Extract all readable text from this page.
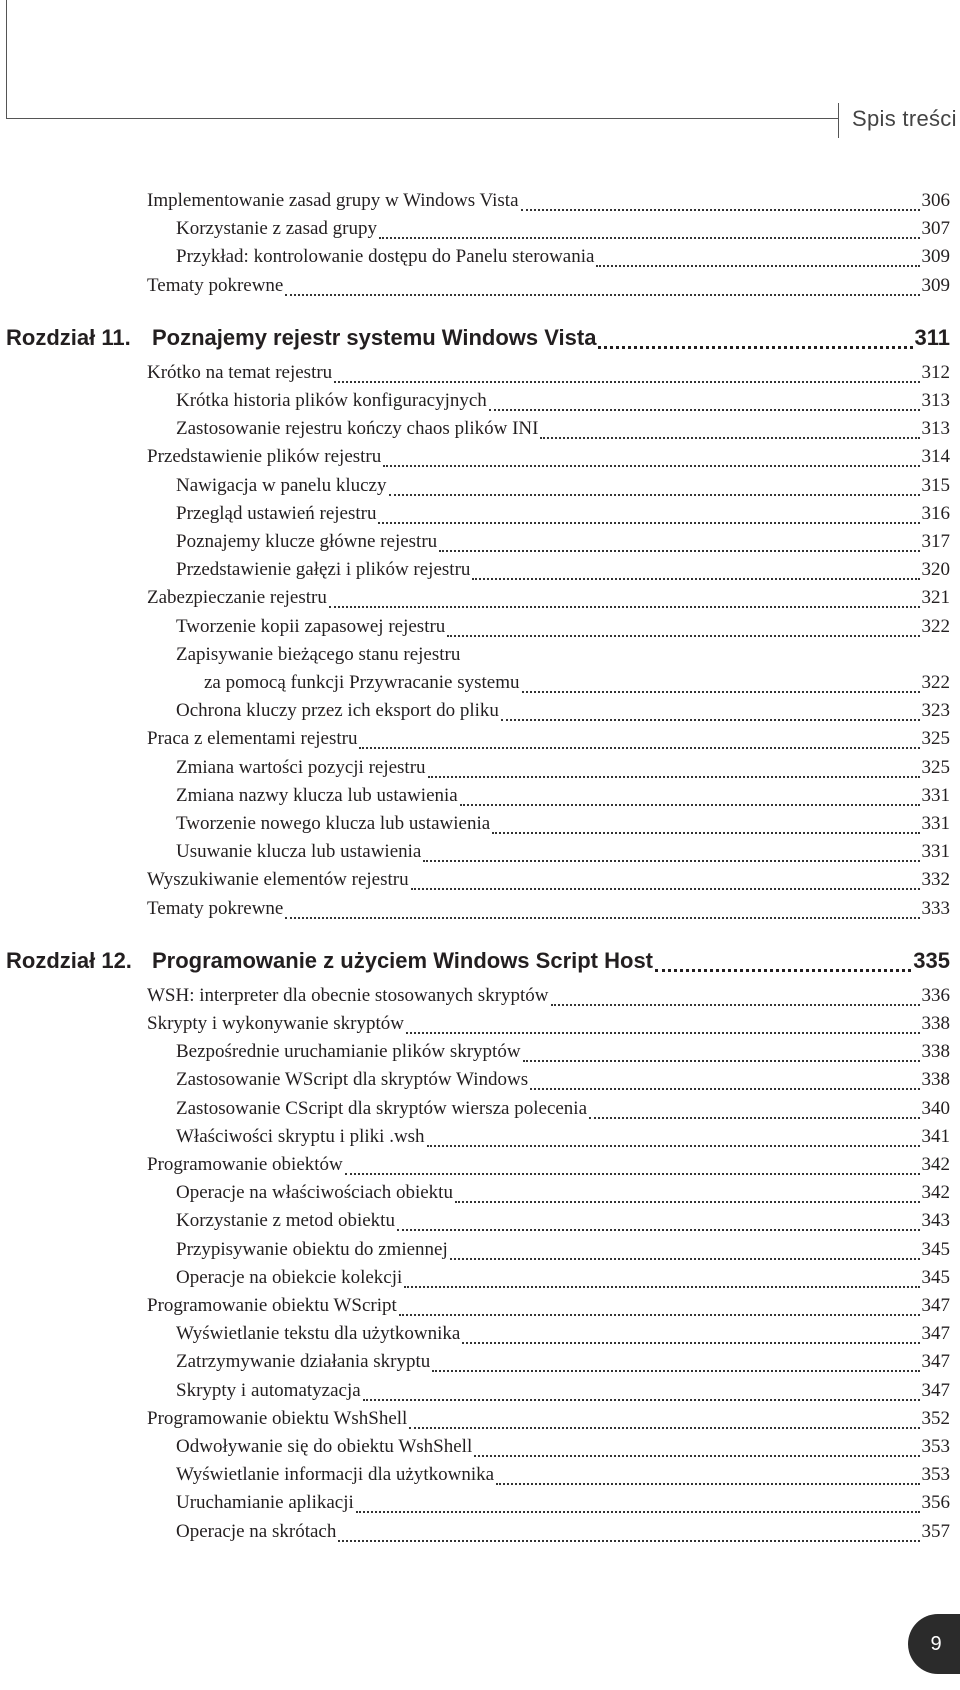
Spis treści
Implementowanie zasad grupy w Windows Vista	306
Korzystanie z zasad grupy	307
Przykład: kontrolowanie dostępu do Panelu sterowania	309
Tematy pokrewne	309
Rozdział 11. Poznajemy rejestr systemu Windows Vista	311
Krótko na temat rejestru	312
Krótka historia plików konfiguracyjnych	313
Zastosowanie rejestru kończy chaos plików INI	313
Przedstawienie plików rejestru	314
Nawigacja w panelu kluczy	315
Przegląd ustawień rejestru	316
Poznajemy klucze główne rejestru	317
Przedstawienie gałęzi i plików rejestru	320
Zabezpieczanie rejestru	321
Tworzenie kopii zapasowej rejestru	322
Zapisywanie bieżącego stanu rejestru
za pomocą funkcji Przywracanie systemu	322
Ochrona kluczy przez ich eksport do pliku	323
Praca z elementami rejestru	325
Zmiana wartości pozycji rejestru	325
Zmiana nazwy klucza lub ustawienia	331
Tworzenie nowego klucza lub ustawienia	331
Usuwanie klucza lub ustawienia	331
Wyszukiwanie elementów rejestru	332
Tematy pokrewne	333
Rozdział 12. Programowanie z użyciem Windows Script Host	335
WSH: interpreter dla obecnie stosowanych skryptów	336
Skrypty i wykonywanie skryptów	338
Bezpośrednie uruchamianie plików skryptów	338
Zastosowanie WScript dla skryptów Windows	338
Zastosowanie CScript dla skryptów wiersza polecenia	340
Właściwości skryptu i pliki .wsh	341
Programowanie obiektów	342
Operacje na właściwościach obiektu	342
Korzystanie z metod obiektu	343
Przypisywanie obiektu do zmiennej	345
Operacje na obiekcie kolekcji	345
Programowanie obiektu WScript	347
Wyświetlanie tekstu dla użytkownika	347
Zatrzymywanie działania skryptu	347
Skrypty i automatyzacja	347
Programowanie obiektu WshShell	352
Odwoływanie się do obiektu WshShell	353
Wyświetlanie informacji dla użytkownika	353
Uruchamianie aplikacji	356
Operacje na skrótach	357
9
